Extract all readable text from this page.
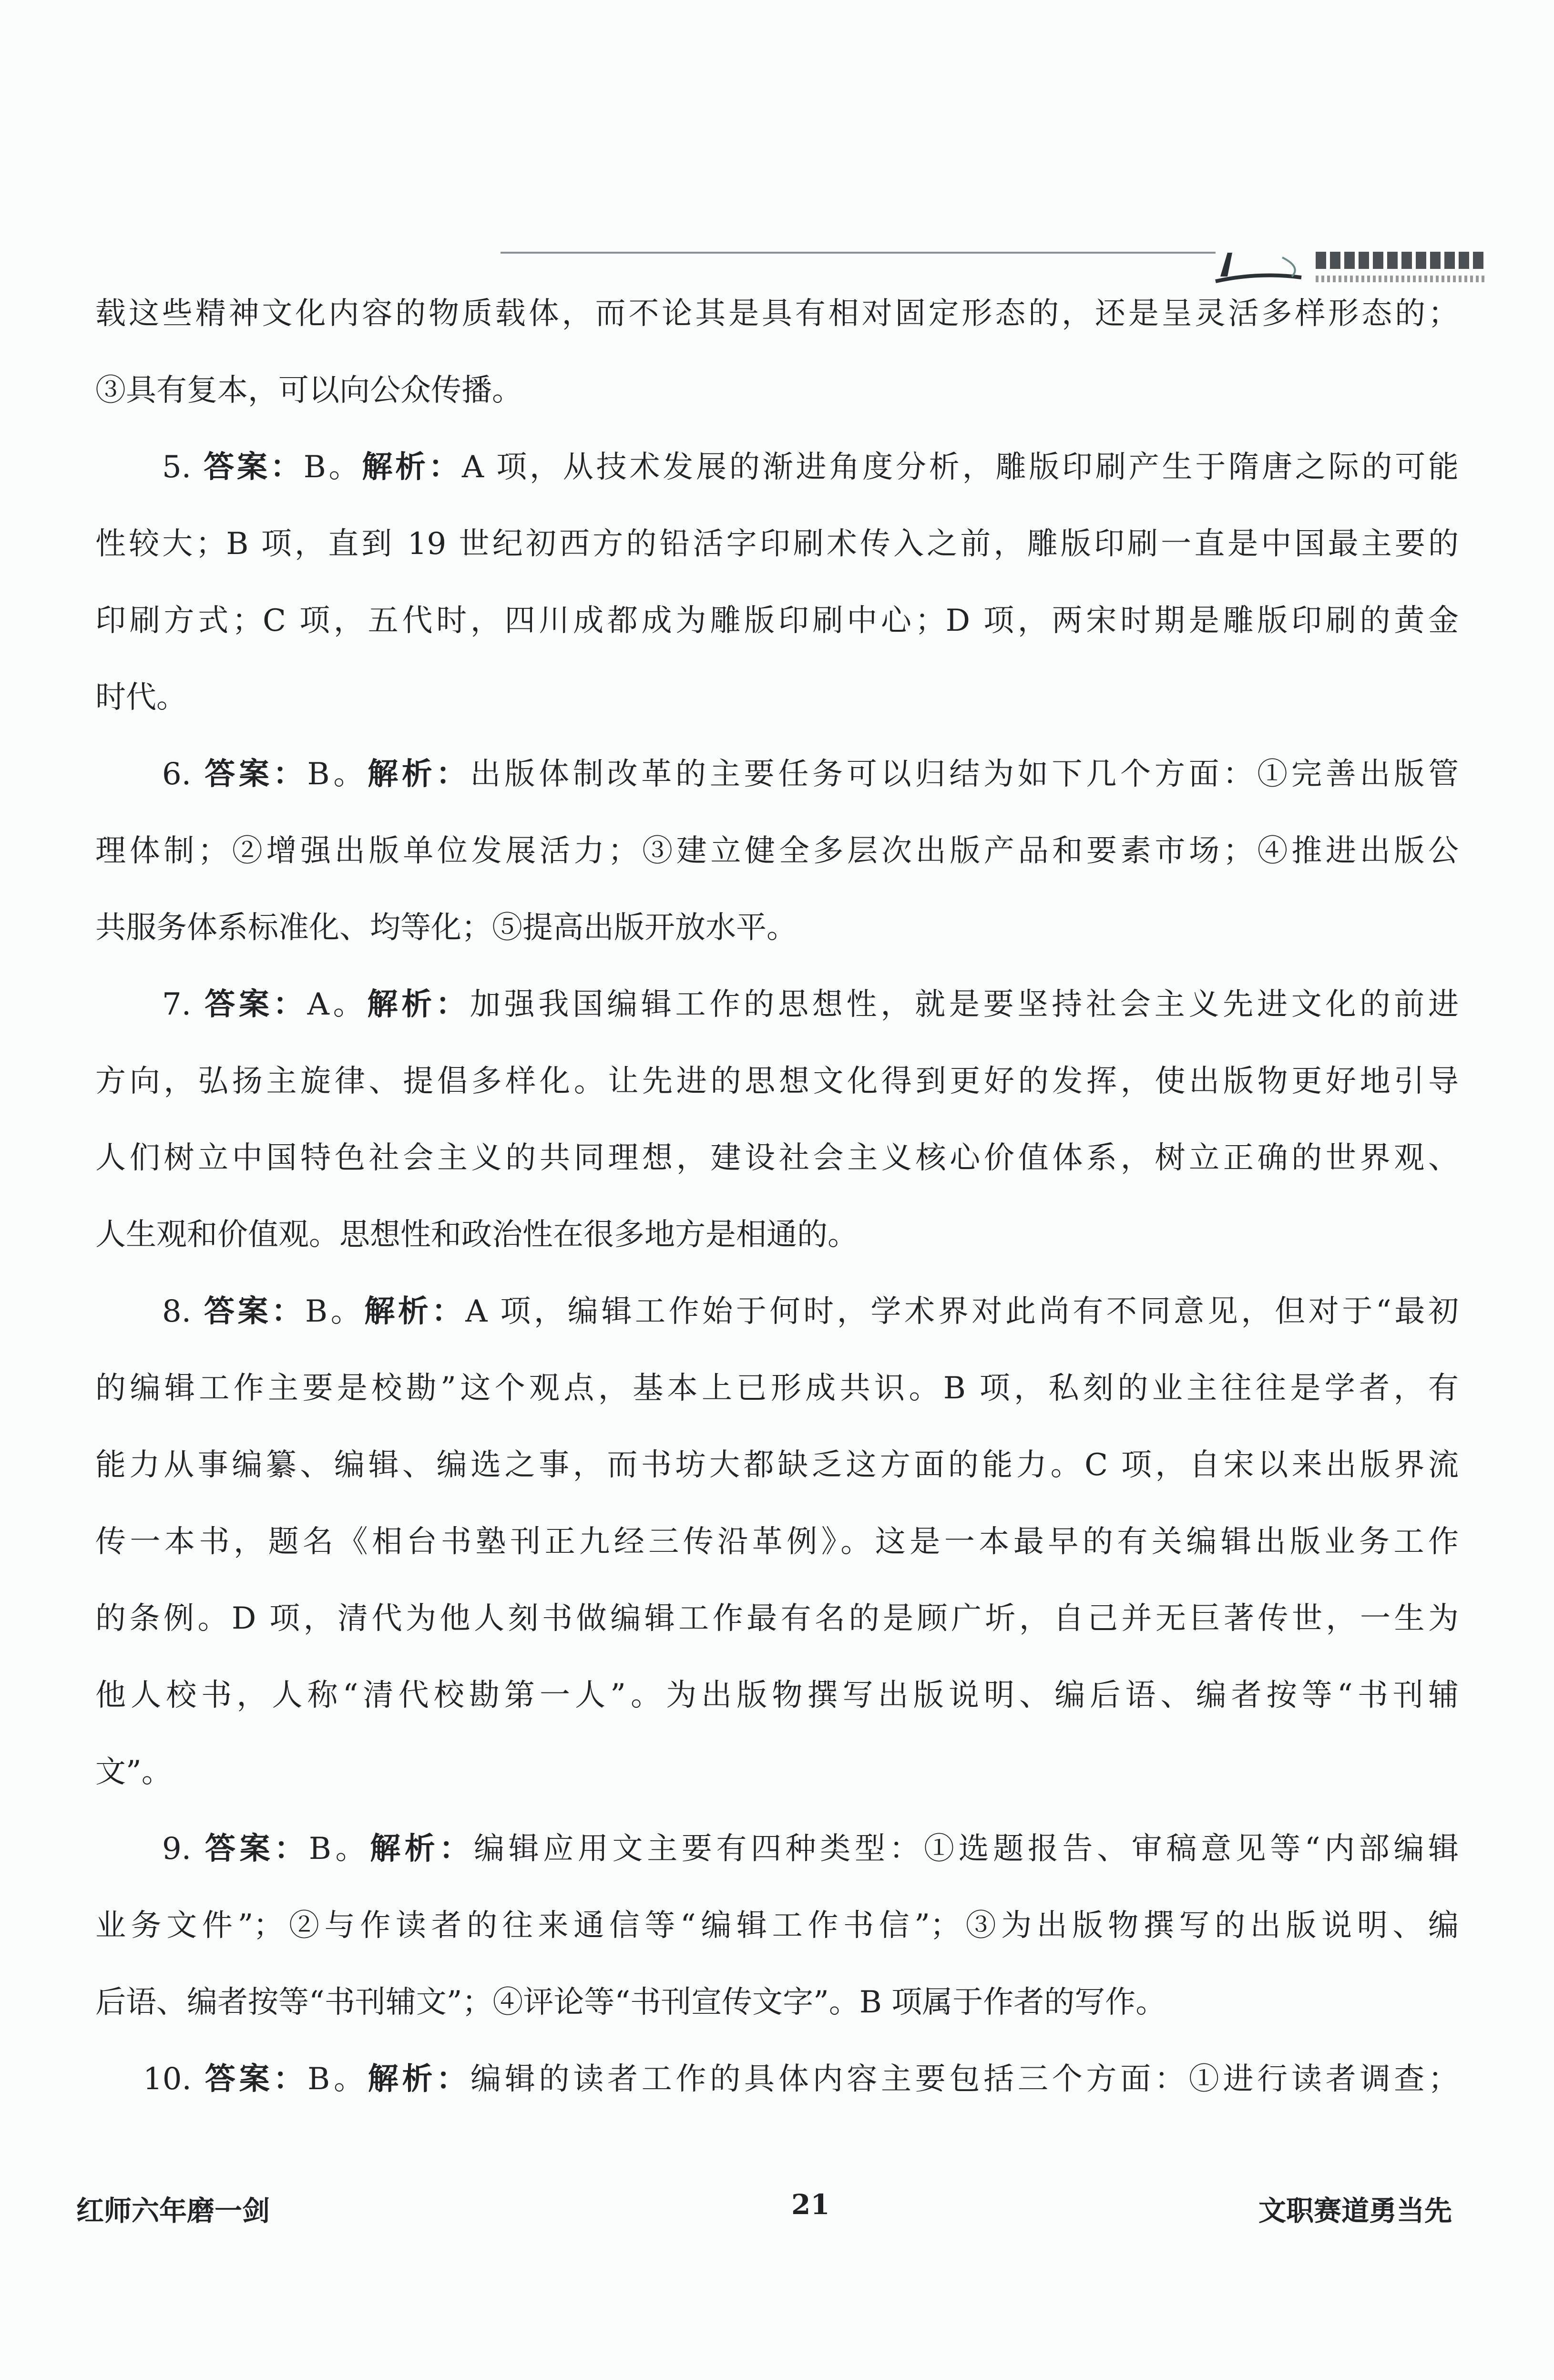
载这些精神文化内容的物质载体，而不论其是具有相对固定形态的，还是呈灵活多样形态的；
③具有复本，可以向公众传播。
5. 答案：B。解析：A 项，从技术发展的渐进角度分析，雕版印刷产生于隋唐之际的可能
性较大；B 项，直到 19 世纪初西方的铅活字印刷术传入之前，雕版印刷一直是中国最主要的
印刷方式；C 项，五代时，四川成都成为雕版印刷中心；D 项，两宋时期是雕版印刷的黄金
时代。
6. 答案：B。解析：出版体制改革的主要任务可以归结为如下几个方面：①完善出版管
理体制；②增强出版单位发展活力；③建立健全多层次出版产品和要素市场；④推进出版公
共服务体系标准化、均等化；⑤提高出版开放水平。
7. 答案：A。解析：加强我国编辑工作的思想性，就是要坚持社会主义先进文化的前进
方向，弘扬主旋律、提倡多样化。让先进的思想文化得到更好的发挥，使出版物更好地引导
人们树立中国特色社会主义的共同理想，建设社会主义核心价值体系，树立正确的世界观、
人生观和价值观。思想性和政治性在很多地方是相通的。
8. 答案：B。解析：A 项，编辑工作始于何时，学术界对此尚有不同意见，但对于“最初
的编辑工作主要是校勘”这个观点，基本上已形成共识。B 项，私刻的业主往往是学者，有
能力从事编纂、编辑、编选之事，而书坊大都缺乏这方面的能力。C 项，自宋以来出版界流
传一本书，题名《相台书塾刊正九经三传沿革例》。这是一本最早的有关编辑出版业务工作
的条例。D 项，清代为他人刻书做编辑工作最有名的是顾广圻，自己并无巨著传世，一生为
他人校书，人称“清代校勘第一人”。为出版物撰写出版说明、编后语、编者按等“书刊辅
文”。
9. 答案：B。解析：编辑应用文主要有四种类型：①选题报告、审稿意见等“内部编辑
业务文件”；②与作读者的往来通信等“编辑工作书信”；③为出版物撰写的出版说明、编
后语、编者按等“书刊辅文”；④评论等“书刊宣传文字”。B 项属于作者的写作。
10. 答案：B。解析：编辑的读者工作的具体内容主要包括三个方面：①进行读者调查；
红师六年磨一剑	21	文职赛道勇当先
